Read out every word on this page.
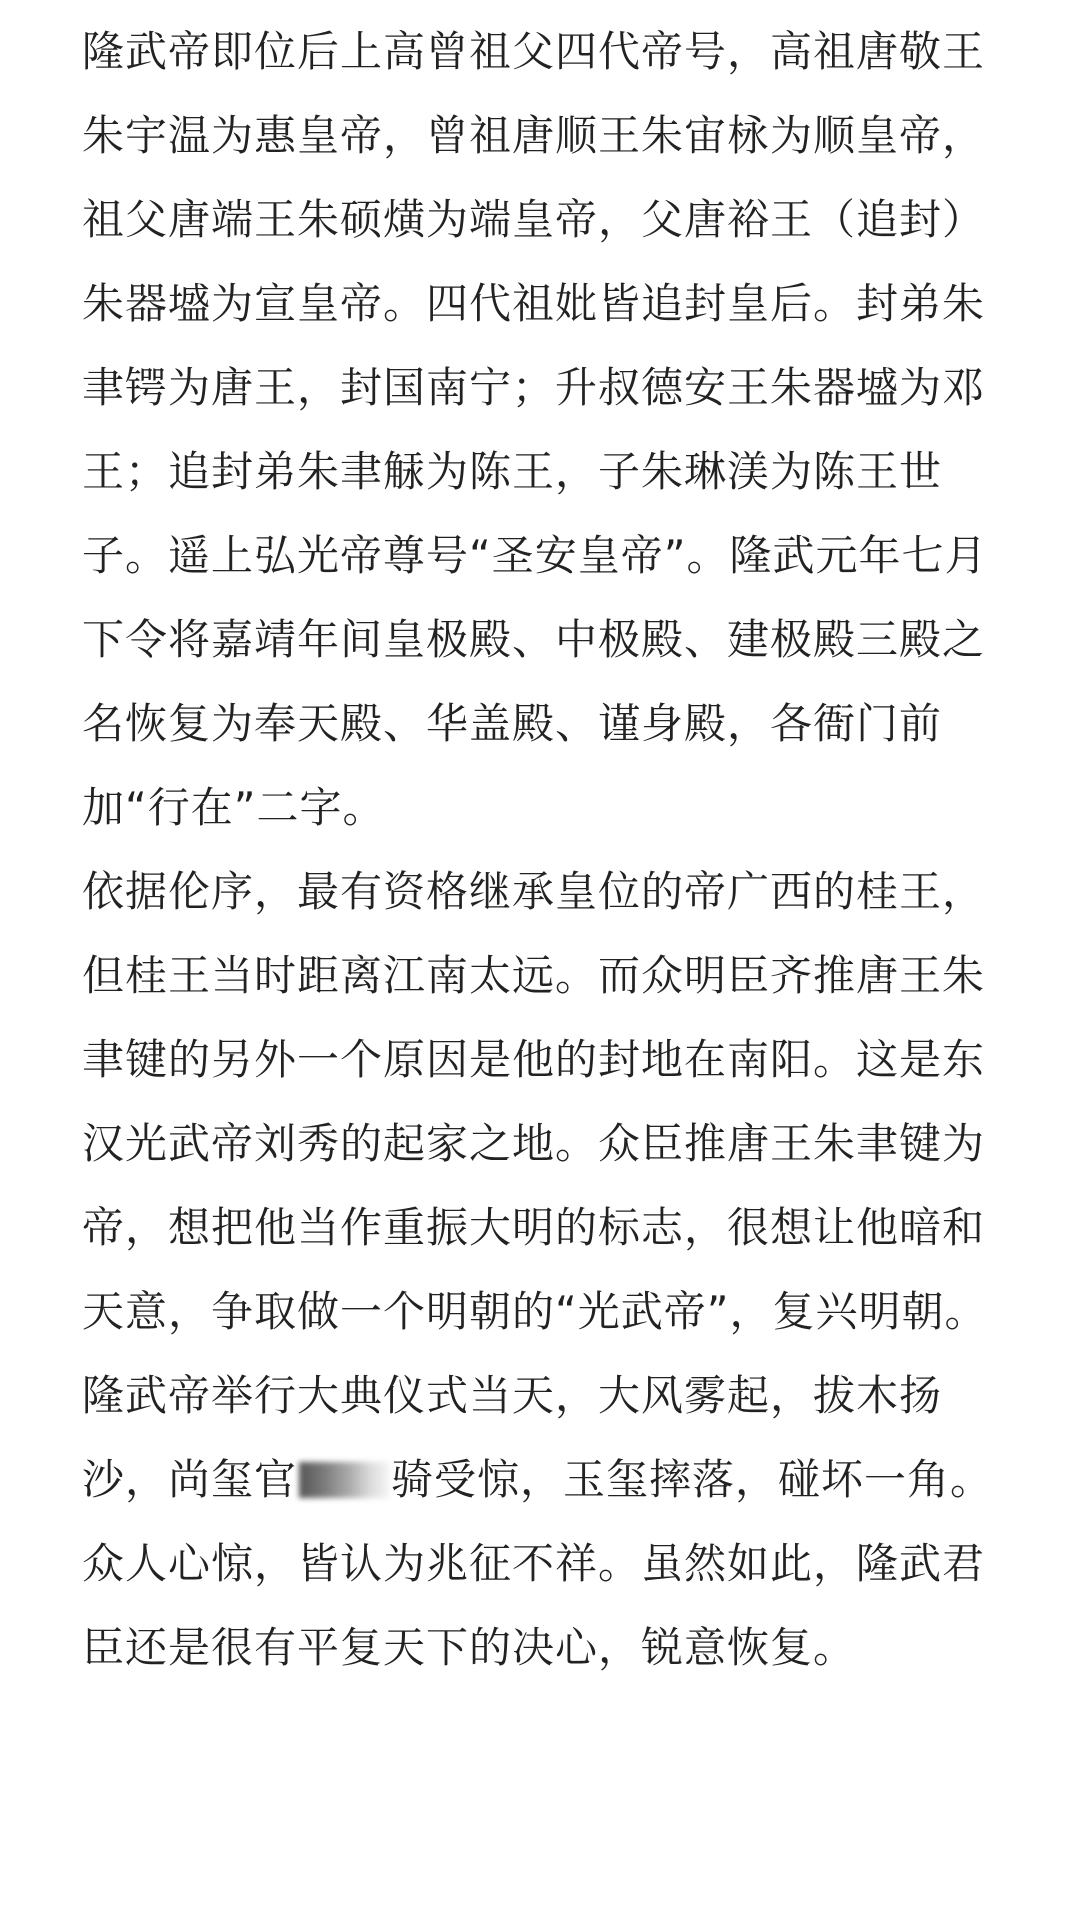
隆武帝即位后上高曾祖父四代帝号，高祖唐敬王朱宇温为惠皇帝，曾祖唐顺王朱宙栐为顺皇帝，祖父唐端王朱硕熿为端皇帝，父唐裕王（追封）朱器墭为宣皇帝。四代祖妣皆追封皇后。封弟朱聿锷为唐王，封国南宁；升叔德安王朱器墭为邓王；追封弟朱聿觨为陈王，子朱琳渼为陈王世子。遥上弘光帝尊号“圣安皇帝”。隆武元年七月下令将嘉靖年间皇极殿、中极殿、建极殿三殿之名恢复为奉天殿、华盖殿、谨身殿，各衙门前加“行在”二字。

依据伦序，最有资格继承皇位的帝广西的桂王，但桂王当时距离江南太远。而众明臣齐推唐王朱聿键的另外一个原因是他的封地在南阳。这是东汉光武帝刘秀的起家之地。众臣推唐王朱聿键为帝，想把他当作重振大明的标志，很想让他暗和天意，争取做一个明朝的“光武帝”，复兴明朝。

隆武帝举行大典仪式当天，大风雾起，拔木扬沙，尚玺官 骑受惊，玉玺摔落，碰坏一角。众人心惊，皆认为兆征不祥。虽然如此，隆武君臣还是很有平复天下的决心，锐意恢复。
